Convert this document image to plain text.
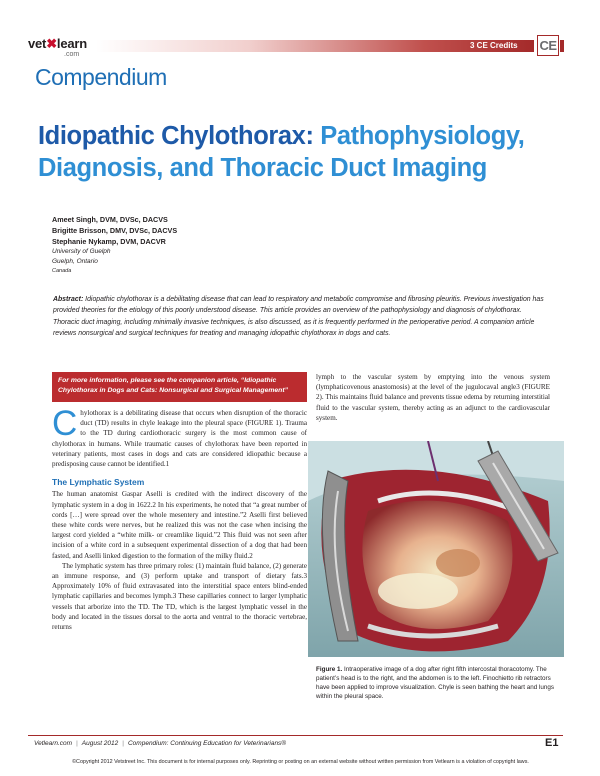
vet✖learn
.com
3 CE Credits CE
Compendium
Idiopathic Chylothorax: Pathophysiology, Diagnosis, and Thoracic Duct Imaging
Ameet Singh, DVM, DVSc, DACVS
Brigitte Brisson, DMV, DVSc, DACVS
Stephanie Nykamp, DVM, DACVR
University of Guelph
Guelph, Ontario
Canada
Abstract: Idiopathic chylothorax is a debilitating disease that can lead to respiratory and metabolic compromise and fibrosing pleuritis. Previous investigation has provided theories for the etiology of this poorly understood disease. This article provides an overview of the pathophysiology and diagnosis of chylothorax. Thoracic duct imaging, including minimally invasive techniques, is also discussed, as it is frequently performed in the perioperative period. A companion article reviews nonsurgical and surgical techniques for treating and managing idiopathic chylothorax in dogs and cats.
For more information, please see the companion article, “Idiopathic Chylothorax in Dogs and Cats: Nonsurgical and Surgical Management”

Chylothorax is a debilitating disease that occurs when disruption of the thoracic duct (TD) results in chyle leakage into the pleural space (FIGURE 1). Trauma to the TD during cardiothoracic surgery is the most common cause of chylothorax in humans. While traumatic causes of chylothorax have been reported in veterinary patients, most cases in dogs and cats are considered idiopathic because a predisposing cause cannot be identified.1

The Lymphatic System

The human anatomist Gaspar Aselli is credited with the indirect discovery of the lymphatic system in a dog in 1622.2 In his experiments, he noted that “a great number of cords […] were spread over the whole mesentery and intestine.”2 Aselli first believed these white cords were nerves, but he realized this was not the case when incising the largest cord yielded a “white milk- or creamlike liquid.”2 This fluid was not seen after incision of a white cord in a subsequent experimental dissection of a dog that had been fasted, and Aselli linked digestion to the formation of the milky fluid.2

The lymphatic system has three primary roles: (1) maintain fluid balance, (2) generate an immune response, and (3) perform uptake and transport of dietary fats.3 Approximately 10% of fluid extravasated into the interstitial space enters blind-ended lymphatic capillaries and becomes lymph.3 These capillaries connect to larger lymphatic vessels that arborize into the TD. The TD, which is the largest lymphatic vessel in the body and located in the tissues dorsal to the aorta and ventral to the thoracic vertebrae, returns

lymph to the vascular system by emptying into the venous system (lymphaticovenous anastomosis) at the level of the jugulocaval angle3 (FIGURE 2). This maintains fluid balance and prevents tissue edema by returning interstitial fluid to the vascular system, thereby acting as an adjunct to the cardiovascular system.

Figure 1. Intraoperative image of a dog after right fifth intercostal thoracotomy. The patient’s head is to the right, and the abdomen is to the left. Finochietto rib retractors have been applied to improve visualization. Chyle is seen bathing the heart and lungs within the pleural space.
Vetlearn.com | August 2012 | Compendium: Continuing Education for Veterinarians®	E1
©Copyright 2012 Vetstreet Inc. This document is for internal purposes only. Reprinting or posting on an external website without written permission from Vetlearn is a violation of copyright laws.
